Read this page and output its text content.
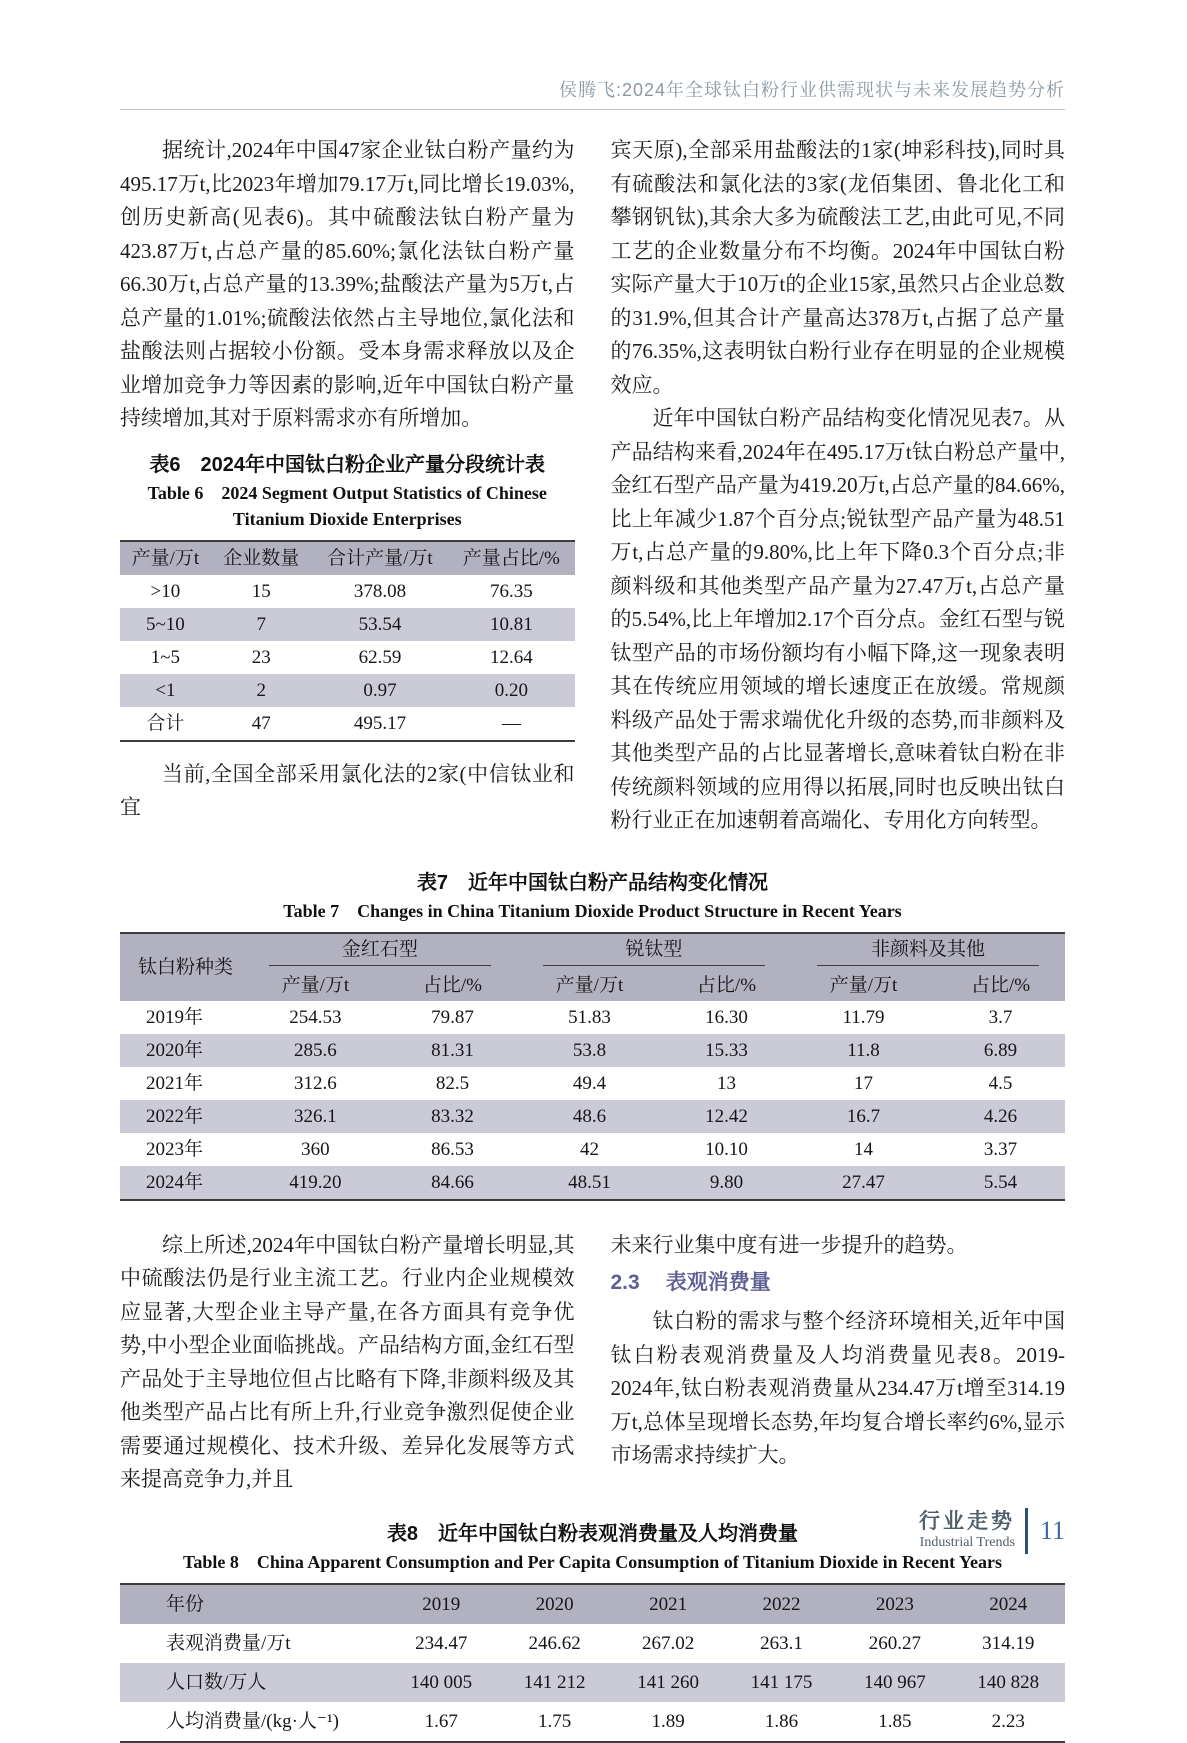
侯腾飞:2024年全球钛白粉行业供需现状与未来发展趋势分析

据统计,2024年中国47家企业钛白粉产量约为495.17万t,比2023年增加79.17万t,同比增长19.03%,创历史新高(见表6)。其中硫酸法钛白粉产量为423.87万t,占总产量的85.60%;氯化法钛白粉产量66.30万t,占总产量的13.39%;盐酸法产量为5万t,占总产量的1.01%;硫酸法依然占主导地位,氯化法和盐酸法则占据较小份额。受本身需求释放以及企业增加竞争力等因素的影响,近年中国钛白粉产量持续增加,其对于原料需求亦有所增加。

表6　2024年中国钛白粉企业产量分段统计表
Table 6　2024 Segment Output Statistics of Chinese
Titanium Dioxide Enterprises
产量/万t	企业数量	合计产量/万t	产量占比/%
>10	15	378.08	76.35
5~10	7	53.54	10.81
1~5	23	62.59	12.64
<1	2	0.97	0.20
合计	47	495.17	—

当前,全国全部采用氯化法的2家(中信钛业和宜

宾天原),全部采用盐酸法的1家(坤彩科技),同时具有硫酸法和氯化法的3家(龙佰集团、鲁北化工和攀钢钒钛),其余大多为硫酸法工艺,由此可见,不同工艺的企业数量分布不均衡。2024年中国钛白粉实际产量大于10万t的企业15家,虽然只占企业总数的31.9%,但其合计产量高达378万t,占据了总产量的76.35%,这表明钛白粉行业存在明显的企业规模效应。

近年中国钛白粉产品结构变化情况见表7。从产品结构来看,2024年在495.17万t钛白粉总产量中,金红石型产品产量为419.20万t,占总产量的84.66%,比上年减少1.87个百分点;锐钛型产品产量为48.51万t,占总产量的9.80%,比上年下降0.3个百分点;非颜料级和其他类型产品产量为27.47万t,占总产量的5.54%,比上年增加2.17个百分点。金红石型与锐钛型产品的市场份额均有小幅下降,这一现象表明其在传统应用领域的增长速度正在放缓。常规颜料级产品处于需求端优化升级的态势,而非颜料及其他类型产品的占比显著增长,意味着钛白粉在非传统颜料领域的应用得以拓展,同时也反映出钛白粉行业正在加速朝着高端化、专用化方向转型。

表7　近年中国钛白粉产品结构变化情况
Table 7　Changes in China Titanium Dioxide Product Structure in Recent Years
钛白粉种类	金红石型		锐钛型		非颜料及其他	

	产量/万t	占比/%	产量/万t	占比/%	产量/万t	占比/%
2019年	254.53	79.87	51.83	16.30	11.79	3.7
2020年	285.6	81.31	53.8	15.33	11.8	6.89
2021年	312.6	82.5	49.4	13	17	4.5
2022年	326.1	83.32	48.6	12.42	16.7	4.26
2023年	360	86.53	42	10.10	14	3.37
2024年	419.20	84.66	48.51	9.80	27.47	5.54

综上所述,2024年中国钛白粉产量增长明显,其中硫酸法仍是行业主流工艺。行业内企业规模效应显著,大型企业主导产量,在各方面具有竞争优势,中小型企业面临挑战。产品结构方面,金红石型产品处于主导地位但占比略有下降,非颜料级及其他类型产品占比有所上升,行业竞争激烈促使企业需要通过规模化、技术升级、差异化发展等方式来提高竞争力,并且

未来行业集中度有进一步提升的趋势。

2.3 表观消费量

钛白粉的需求与整个经济环境相关,近年中国钛白粉表观消费量及人均消费量见表8。2019-2024年,钛白粉表观消费量从234.47万t增至314.19万t,总体呈现增长态势,年均复合增长率约6%,显示市场需求持续扩大。

表8　近年中国钛白粉表观消费量及人均消费量
Table 8　China Apparent Consumption and Per Capita Consumption of Titanium Dioxide in Recent Years
年份	2019	2020	2021	2022	2023	2024
表观消费量/万t	234.47	246.62	267.02	263.1	260.27	314.19
人口数/万人	140 005	141 212	141 260	141 175	140 967	140 828
人均消费量/(kg·人⁻¹)	1.67	1.75	1.89	1.86	1.85	2.23
行业走势
Industrial Trends 11
